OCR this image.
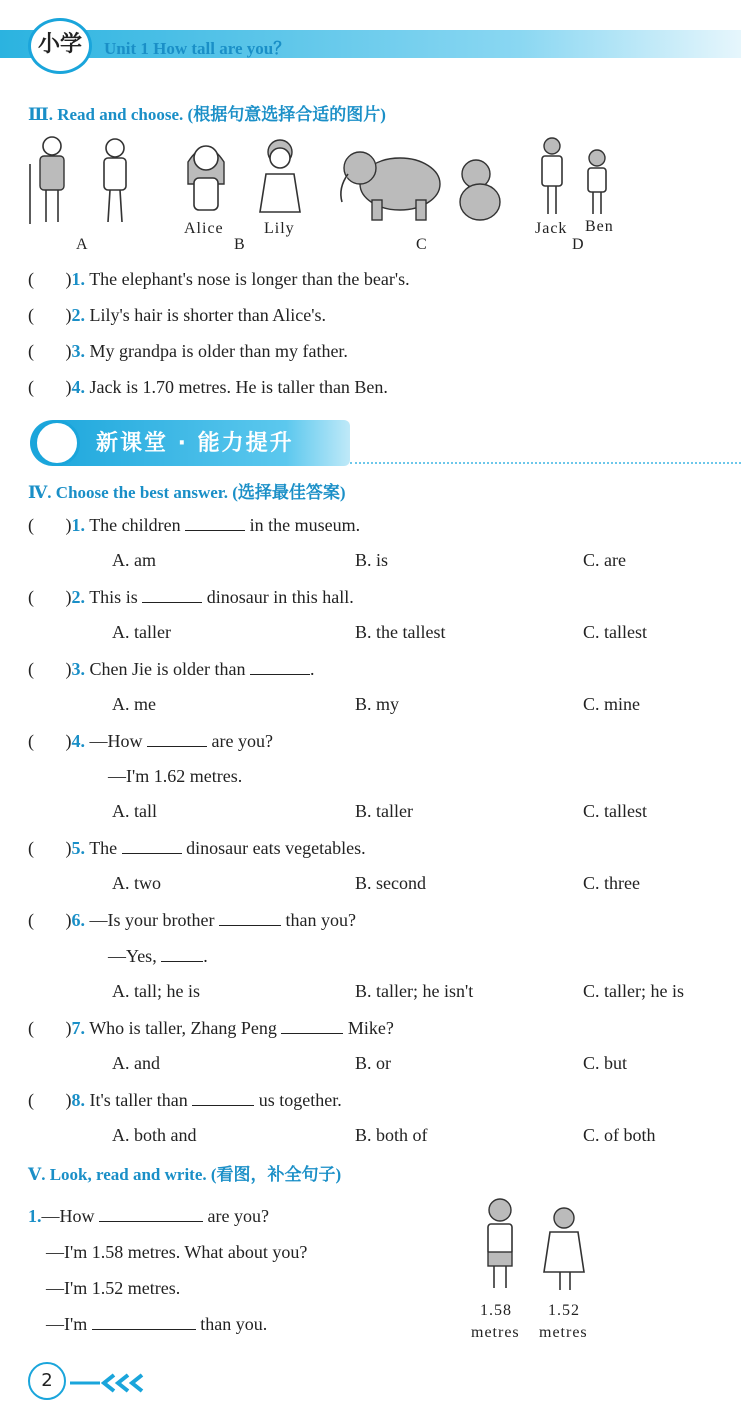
小学	Unit 1 How tall are you？
Ⅲ. Read and choose. (根据句意选择合适的图片)
A
Alice
B
Lily
C
Jack Ben
D
(       )1. The elephant's nose is longer than the bear's.
(       )2. Lily's hair is shorter than Alice's.
(       )3. My grandpa is older than my father.
(       )4. Jack is 1.70 metres. He is taller than Ben.
新课堂 · 能力提升
Ⅳ. Choose the best answer. (选择最佳答案)
(       )1. The children	in the museum.
A. am	B. is	C. are
(       )2. This is	dinosaur in this hall.
A. taller	B. the tallest	C. tallest
(       )3. Chen Jie is older than	.
A. me	B. my	C. mine
(       )4. —How	are you?
—I'm 1.62 metres.
A. tall	B. taller	C. tallest
(       )5. The	dinosaur eats vegetables.
A. two	B. second	C. three
(       )6. —Is your brother	than you?
—Yes,	.
A. tall; he is	B. taller; he isn't	C. taller; he is
(       )7. Who is taller, Zhang Peng	Mike?
A. and	B. or	C. but
(       )8. It's taller than	us together.
A. both and	B. both of	C. of both
Ⅴ. Look, read and write. (看图，补全句子)
1.—How	are you?
—I'm 1.58 metres. What about you?
—I'm 1.52 metres.
—I'm	than you.
1.58 1.52
metres metres
2
